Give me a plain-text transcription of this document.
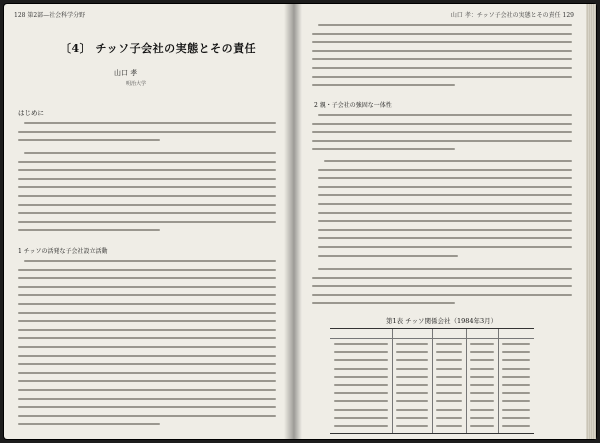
128 第2部—社会科学分野
〔4〕 チッソ子会社の実態とその責任
山口 孝
明治大学
はじめに
1 チッソの活発な子会社設立活動
山口 孝：チッソ子会社の実態とその責任 129
2 親・子会社の強固な一体性
第1表 チッソ関係会社（1984年3月）
